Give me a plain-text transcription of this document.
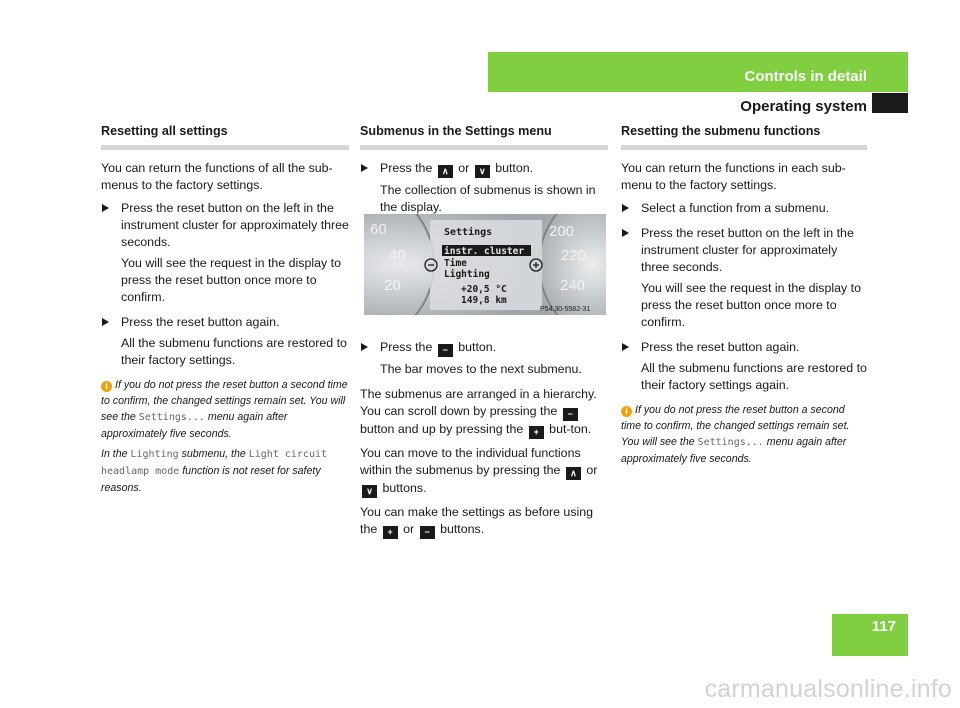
Controls in detail
Operating system
Resetting all settings
You can return the functions of all the sub-menus to the factory settings.
Press the reset button on the left in the instrument cluster for approximately three seconds.
You will see the request in the display to press the reset button once more to confirm.
Press the reset button again.
All the submenu functions are restored to their factory settings.
i If you do not press the reset button a second time to confirm, the changed settings remain set. You will see the Settings... menu again after approximately five seconds.
In the Lighting submenu, the Light circuit headlamp mode function is not reset for safety reasons.
Submenus in the Settings menu
Press the ∧ or ∨ button.
The collection of submenus is shown in the display.
Press the − button.
The bar moves to the next submenu.
The submenus are arranged in a hierarchy. You can scroll down by pressing the − button and up by pressing the + but-ton.
You can move to the individual functions within the submenus by pressing the ∧ or ∨ buttons.
You can make the settings as before using the + or − buttons.
60
40
20
200
220
240
Settings
instr. cluster
Time
Lighting
+20,5 °C
149,8 km
P54.30-5582-31
Resetting the submenu functions
You can return the functions in each sub-menu to the factory settings.
Select a function from a submenu.
Press the reset button on the left in the instrument cluster for approximately three seconds.
You will see the request in the display to press the reset button once more to confirm.
Press the reset button again.
All the submenu functions are restored to their factory settings again.
i If you do not press the reset button a second time to confirm, the changed settings remain set. You will see the Settings... menu again after approximately five seconds.
117
carmanualsonline.info
